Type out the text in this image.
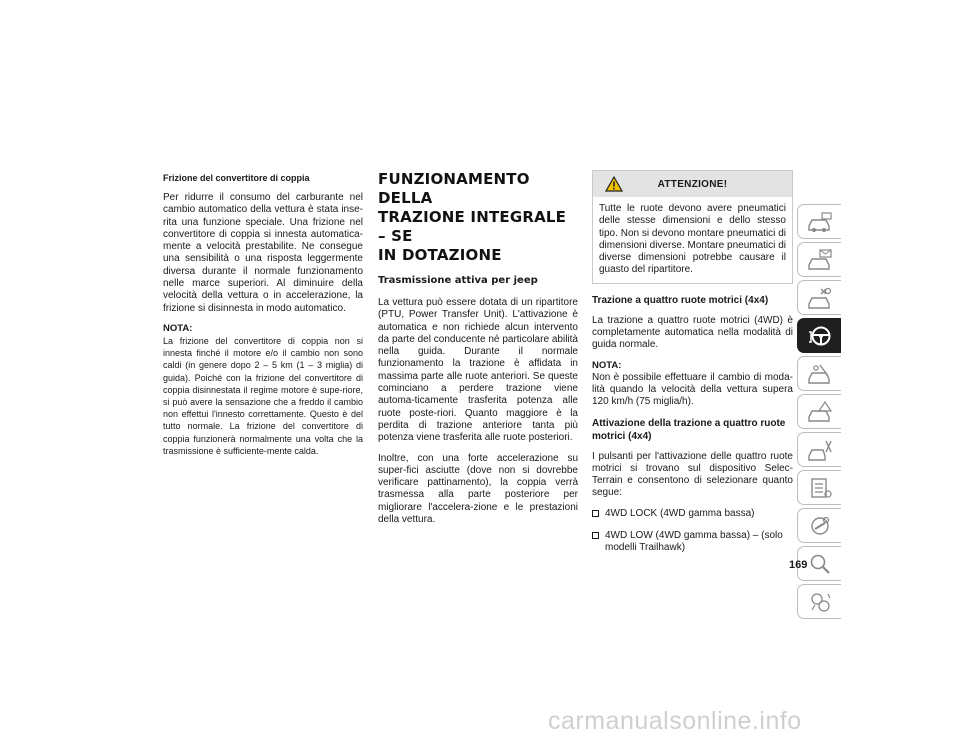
Frizione del convertitore di coppia
Per ridurre il consumo del carburante nel cambio automatico della vettura è stata inse-rita una funzione speciale. Una frizione nel convertitore di coppia si innesta automatica-mente a velocità prestabilite. Ne consegue una sensibilità o una risposta leggermente diversa durante il normale funzionamento nelle marce superiori. Al diminuire della velocità della vettura o in accelerazione, la frizione si disinnesta in modo automatico.
NOTA:
La frizione del convertitore di coppia non si innesta finché il motore e/o il cambio non sono caldi (in genere dopo 2 – 5 km (1 – 3 miglia) di guida). Poiché con la frizione del convertitore di coppia disinnestata il regime motore è supe-riore, si può avere la sensazione che a freddo il cambio non effettui l'innesto correttamente. Questo è del tutto normale. La frizione del convertitore di coppia funzionerà normalmente una volta che la trasmissione è sufficiente-mente calda.
FUNZIONAMENTO DELLA
TRAZIONE INTEGRALE – SE
IN DOTAZIONE
Trasmissione attiva per jeep
La vettura può essere dotata di un ripartitore (PTU, Power Transfer Unit). L'attivazione è automatica e non richiede alcun intervento da parte del conducente né particolare abilità nella guida. Durante il normale funzionamento la trazione è affidata in massima parte alle ruote anteriori. Se queste cominciano a perdere trazione viene automa-ticamente trasferita potenza alle ruote poste-riori. Quanto maggiore è la perdita di trazione anteriore tanta più potenza viene trasferita alle ruote posteriori.
Inoltre, con una forte accelerazione su super-fici asciutte (dove non si dovrebbe verificare pattinamento), la coppia verrà trasmessa alla parte posteriore per migliorare l'accelera-zione e le prestazioni della vettura.
ATTENZIONE!
Tutte le ruote devono avere pneumatici delle stesse dimensioni e dello stesso tipo. Non si devono montare pneumatici di dimensioni diverse. Montare pneumatici di diverse dimensioni potrebbe causare il guasto del ripartitore.
Trazione a quattro ruote motrici (4x4)
La trazione a quattro ruote motrici (4WD) è completamente automatica nella modalità di guida normale.
NOTA:
Non è possibile effettuare il cambio di moda-lità quando la velocità della vettura supera 120 km/h (75 miglia/h).
Attivazione della trazione a quattro ruote motrici (4x4)
I pulsanti per l'attivazione delle quattro ruote motrici si trovano sul dispositivo Selec-Terrain e consentono di selezionare quanto segue:
4WD LOCK (4WD gamma bassa)
4WD LOW (4WD gamma bassa) – (solo modelli Trailhawk)
169
carmanualsonline.info
